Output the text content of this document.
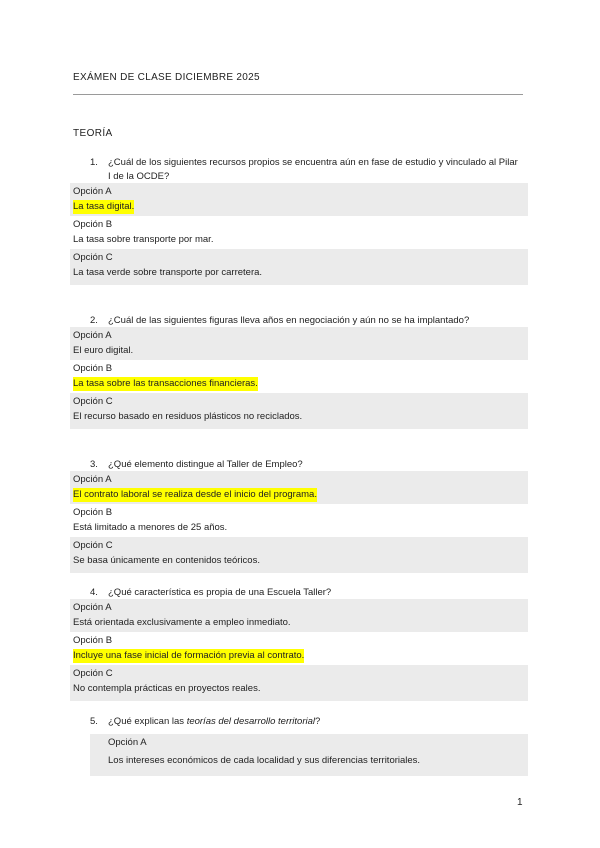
EXÁMEN DE CLASE DICIEMBRE 2025
TEORÍA
1.	¿Cuál de los siguientes recursos propios se encuentra aún en fase de estudio y vinculado al Pilar I de la OCDE?
Opción A
La tasa digital.
Opción B
La tasa sobre transporte por mar.
Opción C
La tasa verde sobre transporte por carretera.
2.	¿Cuál de las siguientes figuras lleva años en negociación y aún no se ha implantado?
Opción A
El euro digital.
Opción B
La tasa sobre las transacciones financieras.
Opción C
El recurso basado en residuos plásticos no reciclados.
3.	¿Qué elemento distingue al Taller de Empleo?
Opción A
El contrato laboral se realiza desde el inicio del programa.
Opción B
Está limitado a menores de 25 años.
Opción C
Se basa únicamente en contenidos teóricos.
4.	¿Qué característica es propia de una Escuela Taller?
Opción A
Está orientada exclusivamente a empleo inmediato.
Opción B
Incluye una fase inicial de formación previa al contrato.
Opción C
No contempla prácticas en proyectos reales.
5.	¿Qué explican las teorías del desarrollo territorial?
Opción A
Los intereses económicos de cada localidad y sus diferencias territoriales.
1
